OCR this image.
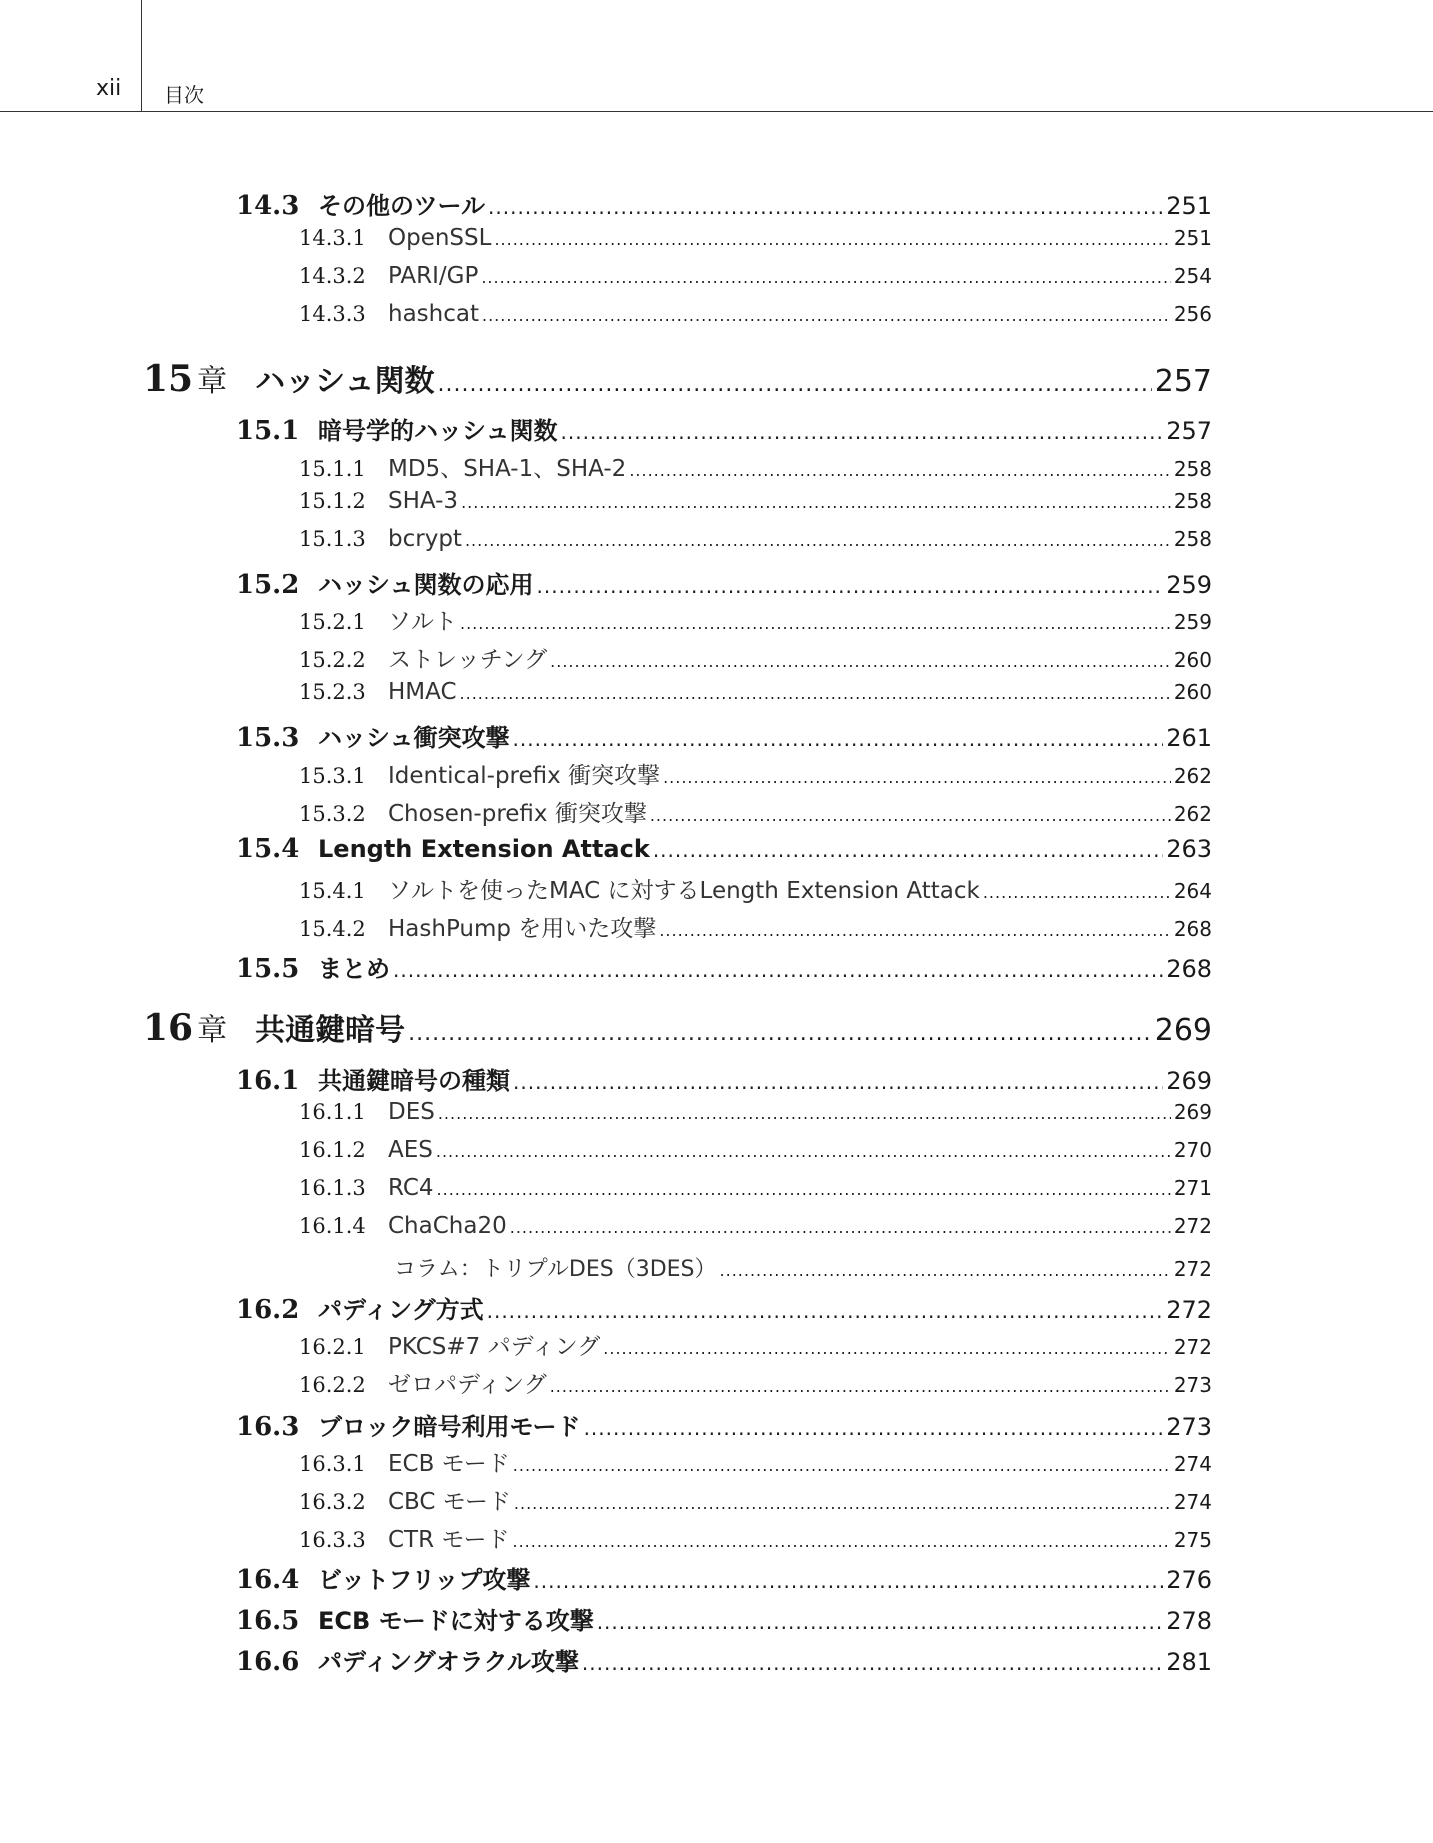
xii 目次
14.3 その他のツール .....	251
14.3.1 OpenSSL .....	251
14.3.2 PARI/GP .....	254
14.3.3 hashcat .....	256
15 章 ハッシュ関数 .....	257
15.1 暗号学的ハッシュ関数 .....	257
15.1.1 MD5、SHA-1、SHA-2 .....	258
15.1.2 SHA-3 .....	258
15.1.3 bcrypt .....	258
15.2 ハッシュ関数の応用 .....	259
15.2.1 ソルト .....	259
15.2.2 ストレッチング .....	260
15.2.3 HMAC .....	260
15.3 ハッシュ衝突攻撃 .....	261
15.3.1 Identical-prefix 衝突攻撃 .....	262
15.3.2 Chosen-prefix 衝突攻撃 .....	262
15.4 Length Extension Attack .....	263
15.4.1 ソルトを使ったMAC に対するLength Extension Attack .....	264
15.4.2 HashPump を用いた攻撃 .....	268
15.5 まとめ .....	268
16 章 共通鍵暗号 .....	269
16.1 共通鍵暗号の種類 .....	269
16.1.1 DES .....	269
16.1.2 AES .....	270
16.1.3 RC4 .....	271
16.1.4 ChaCha20 .....	272
コラム：トリプルDES（3DES） .....	272
16.2 パディング方式 .....	272
16.2.1 PKCS#7 パディング .....	272
16.2.2 ゼロパディング .....	273
16.3 ブロック暗号利用モード .....	273
16.3.1 ECB モード .....	274
16.3.2 CBC モード .....	274
16.3.3 CTR モード .....	275
16.4 ビットフリップ攻撃 .....	276
16.5 ECB モードに対する攻撃 .....	278
16.6 パディングオラクル攻撃 .....	281
